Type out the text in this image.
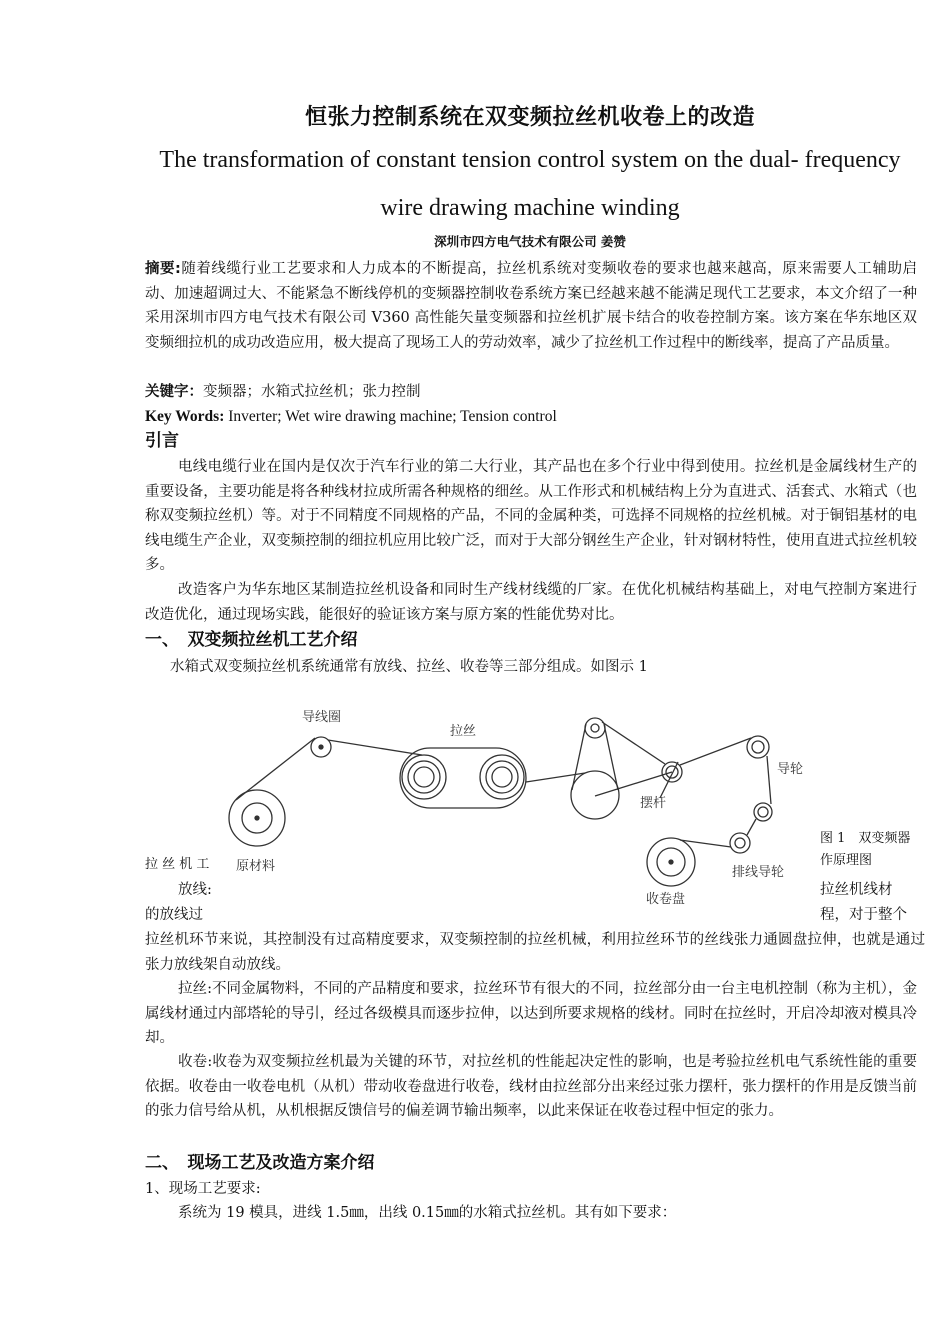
恒张力控制系统在双变频拉丝机收卷上的改造
The transformation of constant tension control system on the dual- frequency
wire drawing machine winding
深圳市四方电气技术有限公司 姜赞
摘要:随着线缆行业工艺要求和人力成本的不断提高，拉丝机系统对变频收卷的要求也越来越高，原来需要人工辅助启动、加速超调过大、不能紧急不断线停机的变频器控制收卷系统方案已经越来越不能满足现代工艺要求，本文介绍了一种采用深圳市四方电气技术有限公司 V360 高性能矢量变频器和拉丝机扩展卡结合的收卷控制方案。该方案在华东地区双变频细拉机的成功改造应用，极大提高了现场工人的劳动效率，减少了拉丝机工作过程中的断线率，提高了产品质量。
关键字：变频器；水箱式拉丝机；张力控制
Key Words: Inverter; Wet wire drawing machine; Tension control
引言
电线电缆行业在国内是仅次于汽车行业的第二大行业，其产品也在多个行业中得到使用。拉丝机是金属线材生产的重要设备，主要功能是将各种线材拉成所需各种规格的细丝。从工作形式和机械结构上分为直进式、活套式、水箱式（也称双变频拉丝机）等。对于不同精度不同规格的产品，不同的金属种类，可选择不同规格的拉丝机械。对于铜铝基材的电线电缆生产企业，双变频控制的细拉机应用比较广泛，而对于大部分钢丝生产企业，针对钢材特性，使用直进式拉丝机较多。
改造客户为华东地区某制造拉丝机设备和同时生产线材线缆的厂家。在优化机械结构基础上，对电气控制方案进行改造优化，通过现场实践，能很好的验证该方案与原方案的性能优势对比。
一、　双变频拉丝机工艺介绍
水箱式双变频拉丝机系统通常有放线、拉丝、收卷等三部分组成。如图示 1
导线圈
拉丝
导轮
摆杆
原材料	排线导轮
收卷盘
图 1　双变频器
作原理图
拉 丝 机 工
放线:
的放线过
拉丝机线材
程，对于整个
拉丝机环节来说，其控制没有过高精度要求，双变频控制的拉丝机械，利用拉丝环节的丝线张力通圆盘拉伸，也就是通过张力放线架自动放线。
拉丝:不同金属物料，不同的产品精度和要求，拉丝环节有很大的不同，拉丝部分由一台主电机控制（称为主机），金属线材通过内部塔轮的导引，经过各级模具而逐步拉伸，以达到所要求规格的线材。同时在拉丝时，开启冷却液对模具冷却。
收卷:收卷为双变频拉丝机最为关键的环节，对拉丝机的性能起决定性的影响，也是考验拉丝机电气系统性能的重要依据。收卷由一收卷电机（从机）带动收卷盘进行收卷，线材由拉丝部分出来经过张力摆杆，张力摆杆的作用是反馈当前的张力信号给从机，从机根据反馈信号的偏差调节输出频率，以此来保证在收卷过程中恒定的张力。
二、　现场工艺及改造方案介绍
1、现场工艺要求:
系统为 19 模具，进线 1.5㎜，出线 0.15㎜的水箱式拉丝机。其有如下要求：
